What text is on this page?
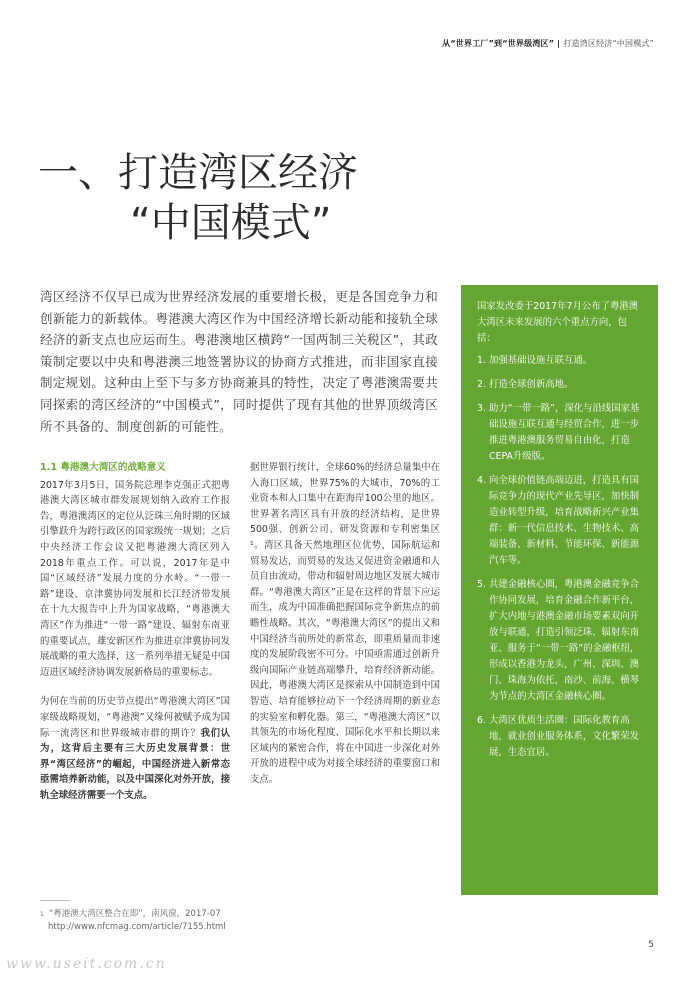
从“世界工厂”到“世界级湾区” | 打造湾区经济“中国模式”
一、打造湾区经济
“中国模式”

湾区经济不仅早已成为世界经济发展的重要增长极，更是各国竞争力和创新能力的新载体。粤港澳大湾区作为中国经济增长新动能和接轨全球经济的新支点也应运而生。粤港澳地区横跨“一国两制三关税区”，其政策制定要以中央和粤港澳三地签署协议的协商方式推进，而非国家直接制定规划。这种由上至下与多方协商兼具的特性，决定了粤港澳需要共同探索的湾区经济的“中国模式”，同时提供了现有其他的世界顶级湾区所不具备的、制度创新的可能性。

1.1 粤港澳大湾区的战略意义

2017年3月5日，国务院总理李克强正式把粤港澳大湾区城市群发展规划纳入政府工作报告，粤港澳湾区的定位从泛珠三角时期的区域引擎跃升为跨行政区的国家级统一规划；之后中央经济工作会议又把粤港澳大湾区列入2018年重点工作。可以说，2017年是中国“区域经济”发展力度的分水岭。“一带一路”建设、京津冀协同发展和长江经济带发展在十九大报告中上升为国家战略，“粤港澳大湾区”作为推进“一带一路”建设、辐射东南亚的重要试点，雄安新区作为推进京津冀协同发展战略的重大选择，这一系列举措无疑是中国迈进区域经济协调发展新格局的重要标志。

为何在当前的历史节点提出“粤港澳大湾区”国家级战略规划，“粤港澳”又缘何被赋予成为国际一流湾区和世界级城市群的期许？我们认为，这背后主要有三大历史发展背景：世界“湾区经济”的崛起，中国经济进入新常态亟需培养新动能，以及中国深化对外开放，接轨全球经济需要一个支点。

据世界银行统计，全球60%的经济总量集中在入海口区域，世界75%的大城市，70%的工业资本和人口集中在距海岸100公里的地区。世界著名湾区具有开放的经济结构，是世界500强、创新公司、研发资源和专利密集区¹。湾区具备天然地理区位优势，国际航运和贸易发达，而贸易的发达又促进资金融通和人员自由流动，带动和辐射周边地区发展大城市群。“粤港澳大湾区”正是在这样的背景下应运而生，成为中国准确把握国际竞争新焦点的前瞻性战略。其次，“粤港澳大湾区”的提出又和中国经济当前所处的新常态，即重质量而非速度的发展阶段密不可分。中国亟需通过创新升级向国际产业链高端攀升，培育经济新动能。因此，粤港澳大湾区是探索从中国制造到中国智造、培育能够拉动下一个经济周期的新业态的实验室和孵化器。第三，“粤港澳大湾区”以其领先的市场化程度、国际化水平和长期以来区域内的紧密合作，将在中国进一步深化对外开放的进程中成为对接全球经济的重要窗口和支点。

国家发改委于2017年7月公布了粤港澳大湾区未来发展的六个重点方向，包括：

1. 加强基础设施互联互通。
2. 打造全球创新高地。
3. 助力“一带一路”，深化与沿线国家基础设施互联互通与经贸合作，进一步推进粤港澳服务贸易自由化，打造CEPA升级版。
4. 向全球价值链高端迈进，打造具有国际竞争力的现代产业先导区，加快制造业转型升级，培育战略新兴产业集群：新一代信息技术、生物技术、高端装备、新材料、节能环保、新能源汽车等。
5. 共建金融核心圈，粤港澳金融竞争合作协同发展，培育金融合作新平台，扩大内地与港澳金融市场要素双向开放与联通，打造引领泛珠、辐射东南亚、服务于“一带一路”的金融枢纽，形成以香港为龙头，广州、深圳、澳门、珠海为依托，南沙、前海、横琴为节点的大湾区金融核心圈。
6. 大湾区优质生活圈：国际化教育高地，就业创业服务体系，文化繁荣发展，生态宜居。
$^1$ “粤港澳大湾区整合在即”，南风窗，2017-07
http://www.nfcmag.com/article/7155.html
5
www.useit.com.cn
